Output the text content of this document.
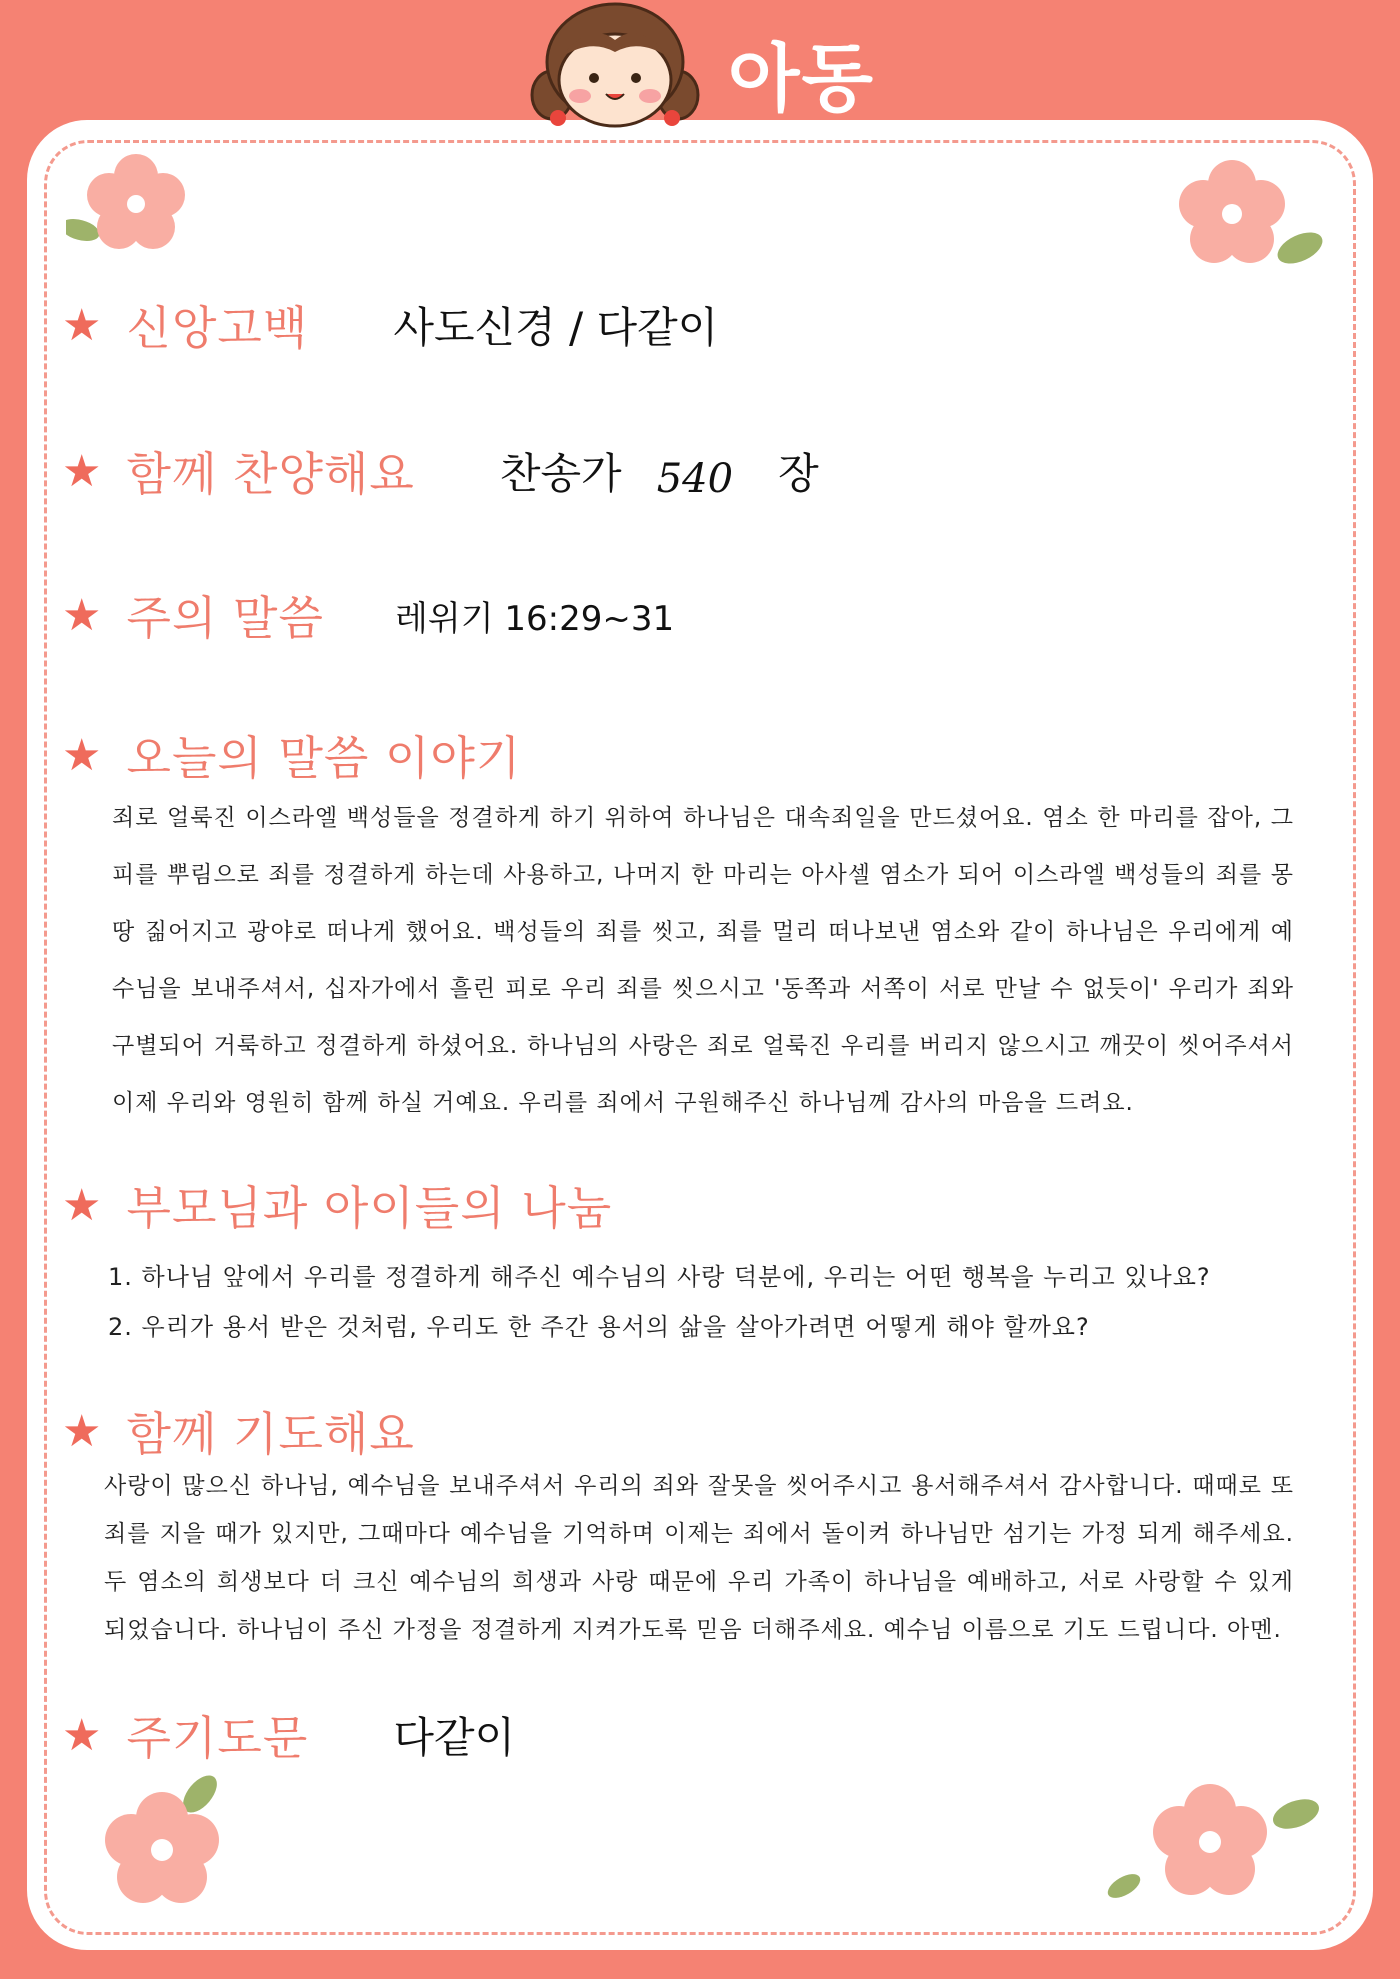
아동
★ 신앙고백 사도신경 / 다같이
★ 함께 찬양해요 찬송가 540 장
★ 주의 말씀 레위기 16:29~31
★ 오늘의 말씀 이야기

죄로 얼룩진 이스라엘 백성들을 정결하게 하기 위하여 하나님은 대속죄일을 만드셨어요. 염소 한 마리를 잡아, 그 피를 뿌림으로 죄를 정결하게 하는데 사용하고, 나머지 한 마리는 아사셀 염소가 되어 이스라엘 백성들의 죄를 몽땅 짊어지고 광야로 떠나게 했어요. 백성들의 죄를 씻고, 죄를 멀리 떠나보낸 염소와 같이 하나님은 우리에게 예수님을 보내주셔서, 십자가에서 흘린 피로 우리 죄를 씻으시고 '동쪽과 서쪽이 서로 만날 수 없듯이' 우리가 죄와 구별되어 거룩하고 정결하게 하셨어요. 하나님의 사랑은 죄로 얼룩진 우리를 버리지 않으시고 깨끗이 씻어주셔서 이제 우리와 영원히 함께 하실 거예요. 우리를 죄에서 구원해주신 하나님께 감사의 마음을 드려요.

★ 부모님과 아이들의 나눔
1. 하나님 앞에서 우리를 정결하게 해주신 예수님의 사랑 덕분에, 우리는 어떤 행복을 누리고 있나요?
2. 우리가 용서 받은 것처럼, 우리도 한 주간 용서의 삶을 살아가려면 어떻게 해야 할까요?
★ 함께 기도해요

사랑이 많으신 하나님, 예수님을 보내주셔서 우리의 죄와 잘못을 씻어주시고 용서해주셔서 감사합니다. 때때로 또 죄를 지을 때가 있지만, 그때마다 예수님을 기억하며 이제는 죄에서 돌이켜 하나님만 섬기는 가정 되게 해주세요. 두 염소의 희생보다 더 크신 예수님의 희생과 사랑 때문에 우리 가족이 하나님을 예배하고, 서로 사랑할 수 있게 되었습니다. 하나님이 주신 가정을 정결하게 지켜가도록 믿음 더해주세요. 예수님 이름으로 기도 드립니다. 아멘.

★ 주기도문 다같이
